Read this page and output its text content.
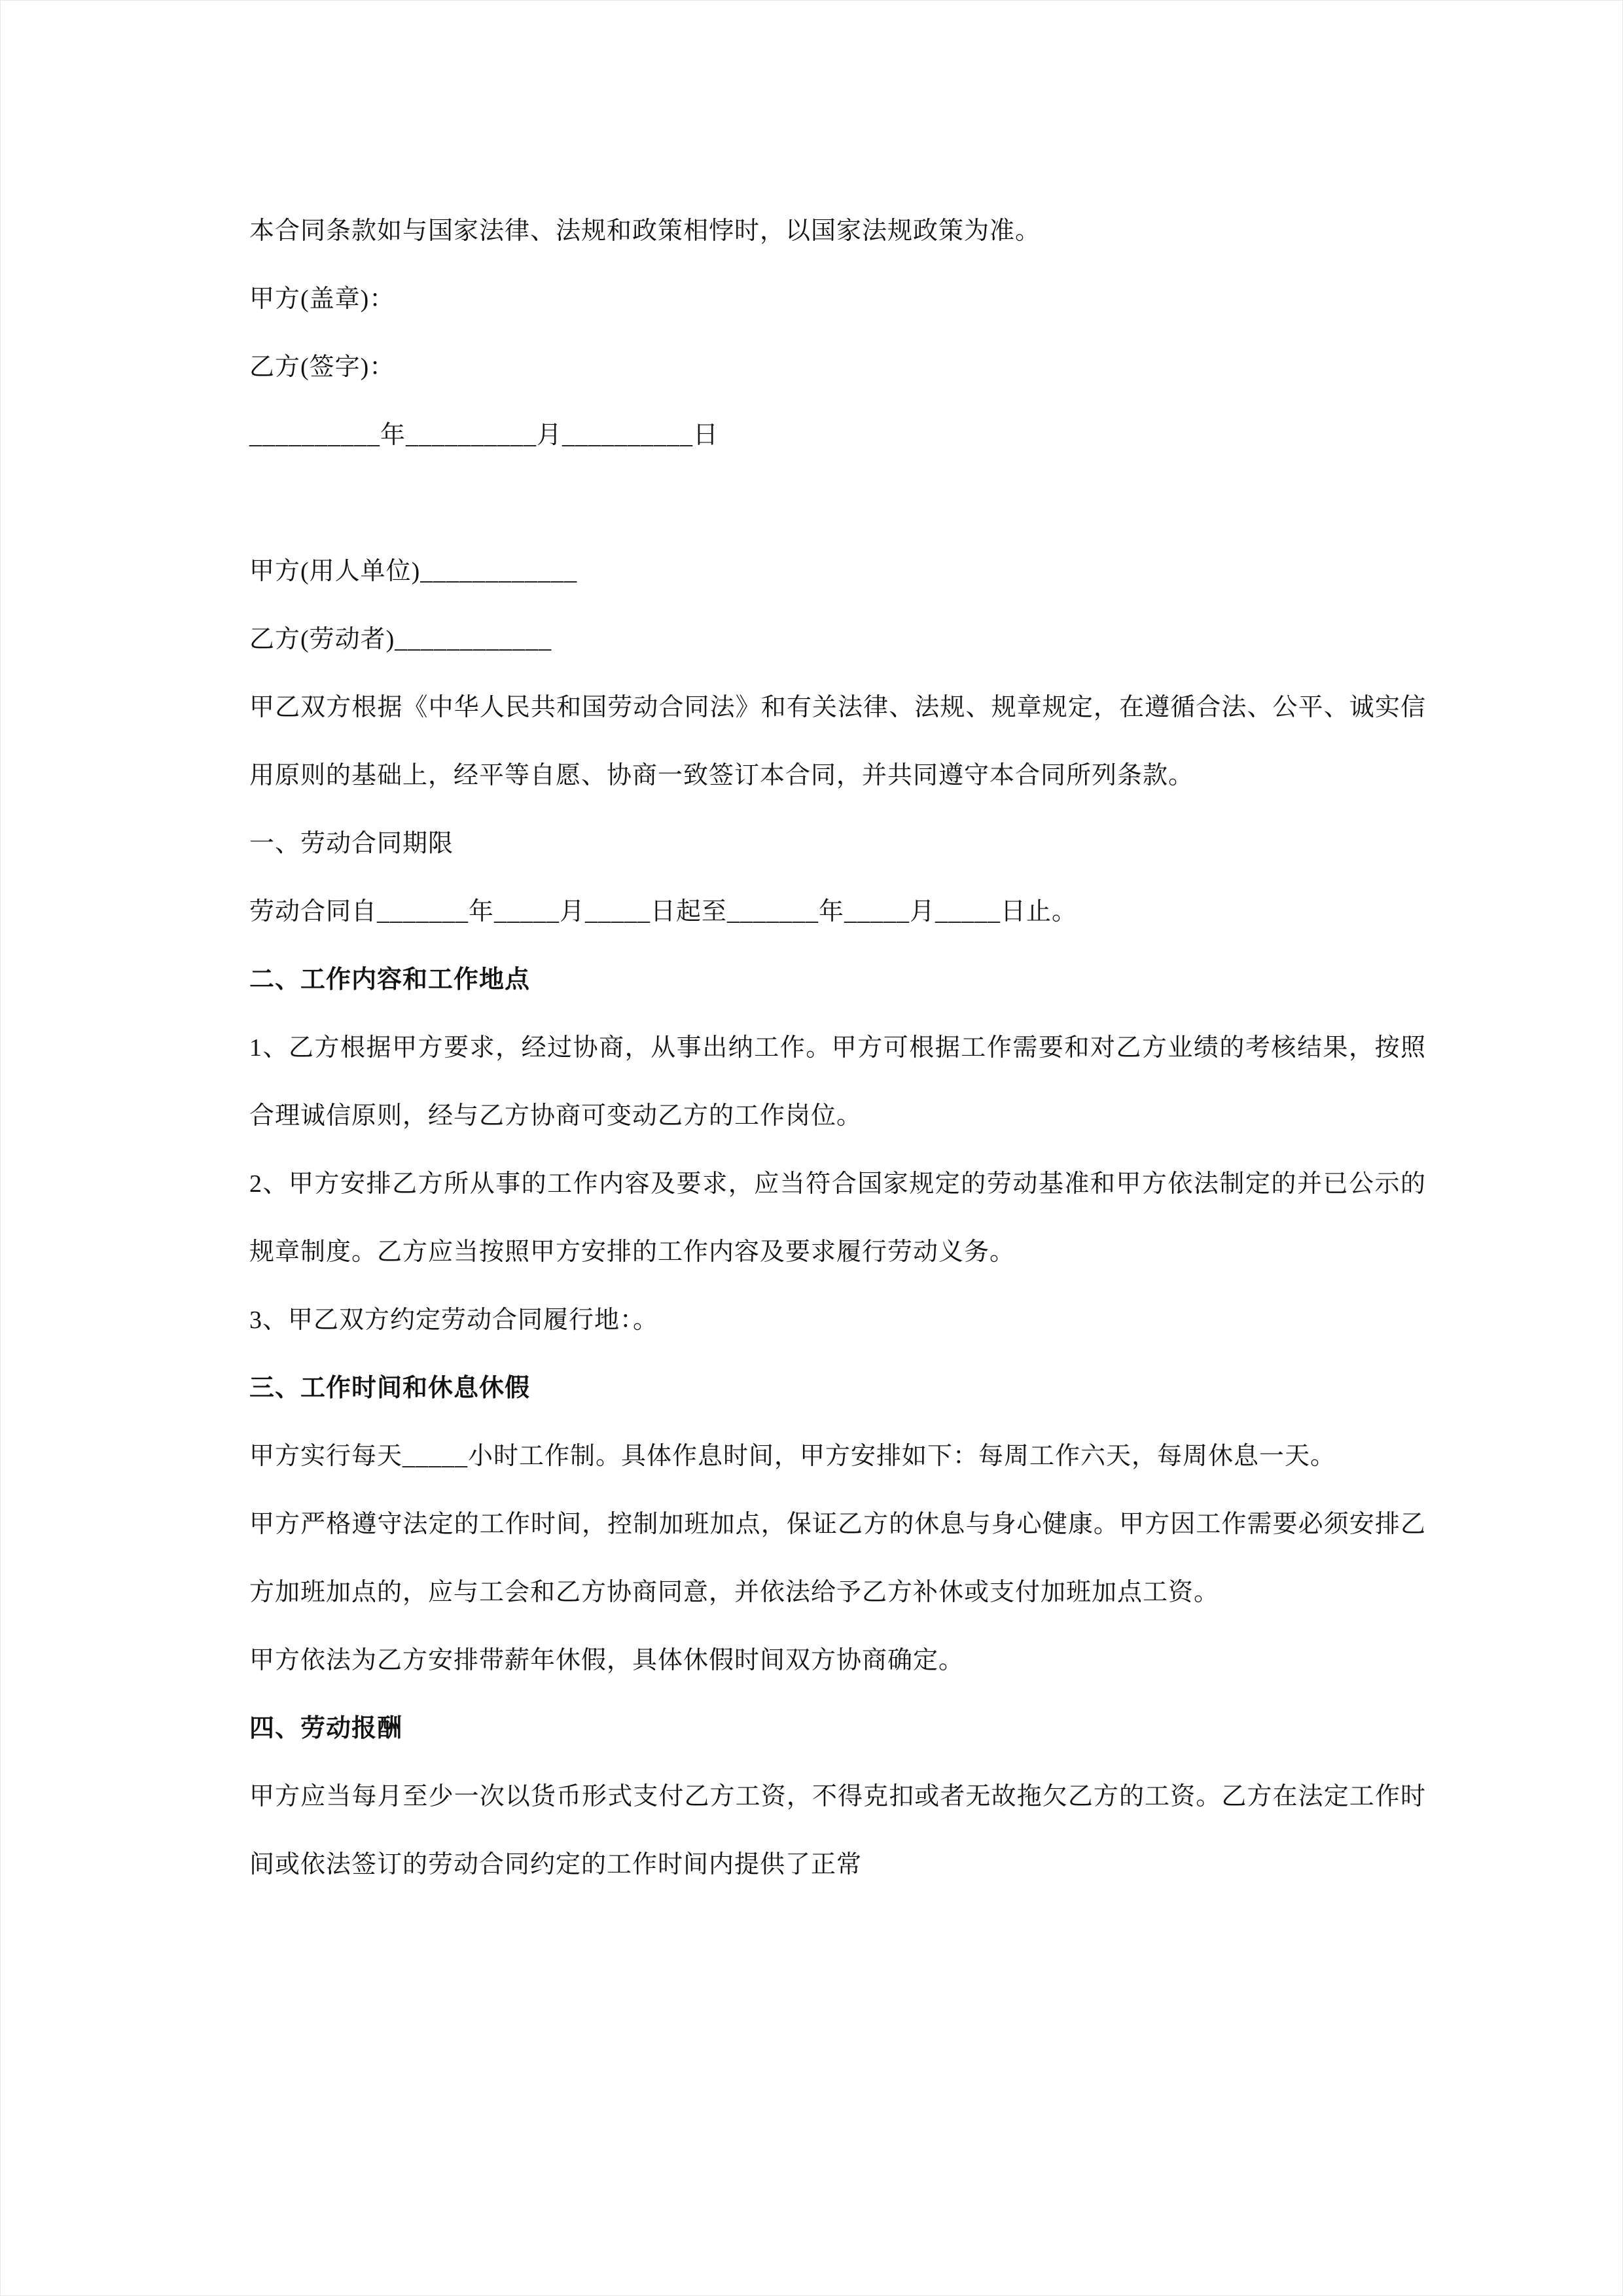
本合同条款如与国家法律、法规和政策相悖时，以国家法规政策为准。
甲方(盖章)：
乙方(签字)：
__________年__________月__________日
甲方(用人单位)____________
乙方(劳动者)____________
甲乙双方根据《中华人民共和国劳动合同法》和有关法律、法规、规章规定，在遵循合法、公平、诚实信用原则的基础上，经平等自愿、协商一致签订本合同，并共同遵守本合同所列条款。
一、劳动合同期限
劳动合同自_______年_____月_____日起至_______年_____月_____日止。
二、工作内容和工作地点
1、乙方根据甲方要求，经过协商，从事出纳工作。甲方可根据工作需要和对乙方业绩的考核结果，按照合理诚信原则，经与乙方协商可变动乙方的工作岗位。
2、甲方安排乙方所从事的工作内容及要求，应当符合国家规定的劳动基准和甲方依法制定的并已公示的规章制度。乙方应当按照甲方安排的工作内容及要求履行劳动义务。
3、甲乙双方约定劳动合同履行地：。
三、工作时间和休息休假
甲方实行每天_____小时工作制。具体作息时间，甲方安排如下：每周工作六天，每周休息一天。
甲方严格遵守法定的工作时间，控制加班加点，保证乙方的休息与身心健康。甲方因工作需要必须安排乙方加班加点的，应与工会和乙方协商同意，并依法给予乙方补休或支付加班加点工资。
甲方依法为乙方安排带薪年休假，具体休假时间双方协商确定。
四、劳动报酬
甲方应当每月至少一次以货币形式支付乙方工资，不得克扣或者无故拖欠乙方的工资。乙方在法定工作时间或依法签订的劳动合同约定的工作时间内提供了正常
